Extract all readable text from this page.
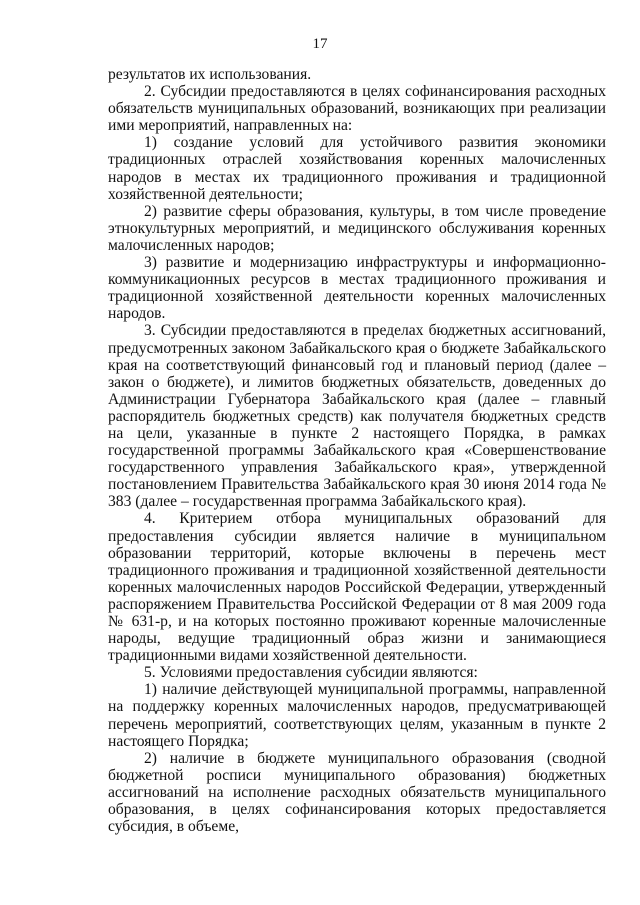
17

результатов их использования.

2. Субсидии предоставляются в целях софинансирования расходных обязательств муниципальных образований, возникающих при реализации ими мероприятий, направленных на:

1) создание условий для устойчивого развития экономики традиционных отраслей хозяйствования коренных малочисленных народов в местах их традиционного проживания и традиционной хозяйственной деятельности;

2) развитие сферы образования, культуры, в том числе проведение этнокультурных мероприятий, и медицинского обслуживания коренных малочисленных народов;

3) развитие и модернизацию инфраструктуры и информационно-коммуникационных ресурсов в местах традиционного проживания и традиционной хозяйственной деятельности коренных малочисленных народов.

3. Субсидии предоставляются в пределах бюджетных ассигнований, предусмотренных законом Забайкальского края о бюджете Забайкальского края на соответствующий финансовый год и плановый период (далее – закон о бюджете), и лимитов бюджетных обязательств, доведенных до Администрации Губернатора Забайкальского края (далее – главный распорядитель бюджетных средств) как получателя бюджетных средств на цели, указанные в пункте 2 настоящего Порядка, в рамках государственной программы Забайкальского края «Совершенствование государственного управления Забайкальского края», утвержденной постановлением Правительства Забайкальского края 30 июня 2014 года № 383 (далее – государственная программа Забайкальского края).

4. Критерием отбора муниципальных образований для предоставления субсидии является наличие в муниципальном образовании территорий, которые включены в перечень мест традиционного проживания и традиционной хозяйственной деятельности коренных малочисленных народов Российской Федерации, утвержденный распоряжением Правительства Российской Федерации от 8 мая 2009 года № 631-р, и на которых постоянно проживают коренные малочисленные народы, ведущие традиционный образ жизни и занимающиеся традиционными видами хозяйственной деятельности.

5. Условиями предоставления субсидии являются:

1) наличие действующей муниципальной программы, направленной на поддержку коренных малочисленных народов, предусматривающей перечень мероприятий, соответствующих целям, указанным в пункте 2 настоящего Порядка;

2) наличие в бюджете муниципального образования (сводной бюджетной росписи муниципального образования) бюджетных ассигнований на исполнение расходных обязательств муниципального образования, в целях софинансирования которых предоставляется субсидия, в объеме,
